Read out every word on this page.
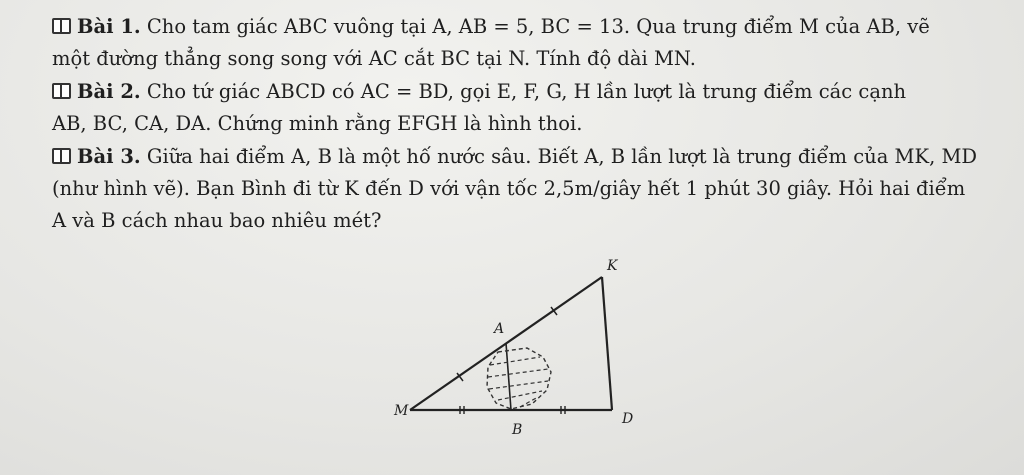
Bài 1. Cho tam giác ABC vuông tại A, AB = 5, BC = 13. Qua trung điểm M của AB, vẽ
một đường thẳng song song với AC cắt BC tại N. Tính độ dài MN.
Bài 2. Cho tứ giác ABCD có AC = BD, gọi E, F, G, H lần lượt là trung điểm các cạnh
AB, BC, CA, DA. Chứng minh rằng EFGH là hình thoi.
Bài 3. Giữa hai điểm A, B là một hố nước sâu. Biết A, B lần lượt là trung điểm của MK, MD
(như hình vẽ). Bạn Bình đi từ K đến D với vận tốc 2,5m/giây hết 1 phút 30 giây. Hỏi hai điểm
A và B cách nhau bao nhiêu mét?
K
A
M
B
D
